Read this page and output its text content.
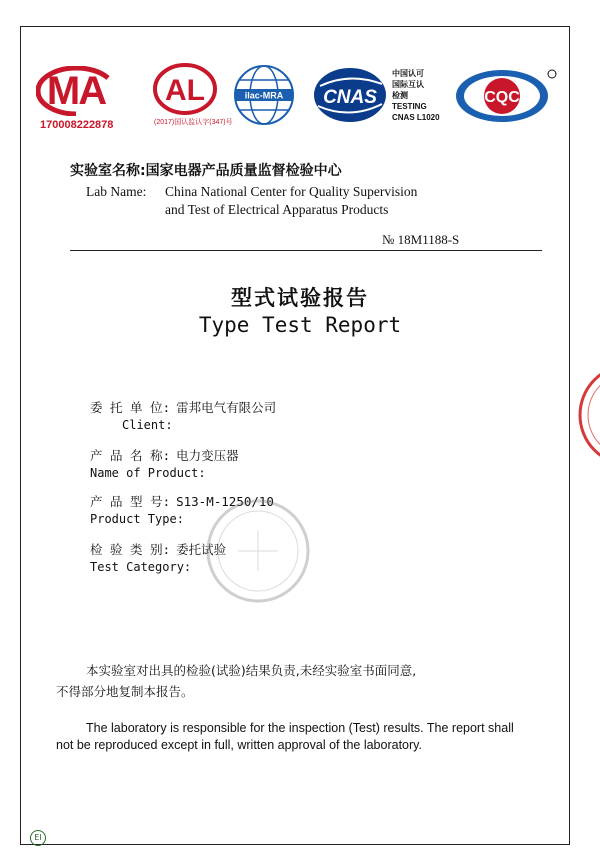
MA
170008222878
AL
(2017)国认监认字(347)号
ilac-MRA CNAS
中国认可
国际互认
检测
TESTING
CNAS L1020
CQC
实验室名称:国家电器产品质量监督检验中心
Lab Name: China National Center for Quality Supervision
and Test of Electrical Apparatus Products
№ 18M1188-S
型式试验报告
Type Test Report
委 托 单 位: 雷邦电气有限公司
Client:
产 品 名 称: 电力变压器
Name of Product:
产 品 型 号: S13-M-1250/10
Product Type:
检 验 类 别: 委托试验
Test Category:
本实验室对出具的检验(试验)结果负责,未经实验室书面同意,
不得部分地复制本报告。
The laboratory is responsible for the inspection (Test) results. The report shall
not be reproduced except in full, written approval of the laboratory.
EI
